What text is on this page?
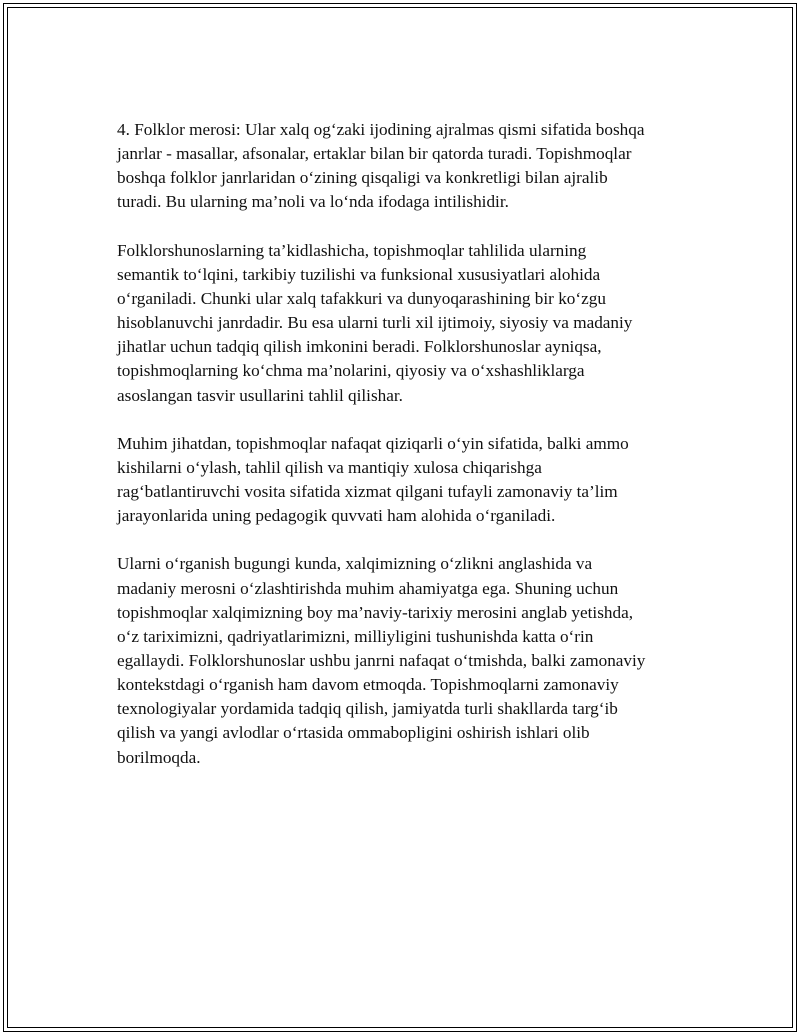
4. Folklor merosi: Ular xalq og‘zaki ijodining ajralmas qismi sifatida boshqa
janrlar - masallar, afsonalar, ertaklar bilan bir qatorda turadi. Topishmoqlar
boshqa folklor janrlaridan o‘zining qisqaligi va konkretligi bilan ajralib
turadi. Bu ularning ma’noli va lo‘nda ifodaga intilishidir.

Folklorshunoslarning ta’kidlashicha, topishmoqlar tahlilida ularning
semantik to‘lqini, tarkibiy tuzilishi va funksional xususiyatlari alohida
o‘rganiladi. Chunki ular xalq tafakkuri va dunyoqarashining bir ko‘zgu
hisoblanuvchi janrdadir. Bu esa ularni turli xil ijtimoiy, siyosiy va madaniy
jihatlar uchun tadqiq qilish imkonini beradi. Folklorshunoslar ayniqsa,
topishmoqlarning ko‘chma ma’nolarini, qiyosiy va o‘xshashliklarga
asoslangan tasvir usullarini tahlil qilishar.

Muhim jihatdan, topishmoqlar nafaqat qiziqarli o‘yin sifatida, balki ammo
kishilarni o‘ylash, tahlil qilish va mantiqiy xulosa chiqarishga
rag‘batlantiruvchi vosita sifatida xizmat qilgani tufayli zamonaviy ta’lim
jarayonlarida uning pedagogik quvvati ham alohida o‘rganiladi.

Ularni o‘rganish bugungi kunda, xalqimizning o‘zlikni anglashida va
madaniy merosni o‘zlashtirishda muhim ahamiyatga ega. Shuning uchun
topishmoqlar xalqimizning boy ma’naviy-tarixiy merosini anglab yetishda,
o‘z tariximizni, qadriyatlarimizni, milliyligini tushunishda katta o‘rin
egallaydi. Folklorshunoslar ushbu janrni nafaqat o‘tmishda, balki zamonaviy
kontekstdagi o‘rganish ham davom etmoqda. Topishmoqlarni zamonaviy
texnologiyalar yordamida tadqiq qilish, jamiyatda turli shakllarda targ‘ib
qilish va yangi avlodlar o‘rtasida ommabopligini oshirish ishlari olib
borilmoqda.
